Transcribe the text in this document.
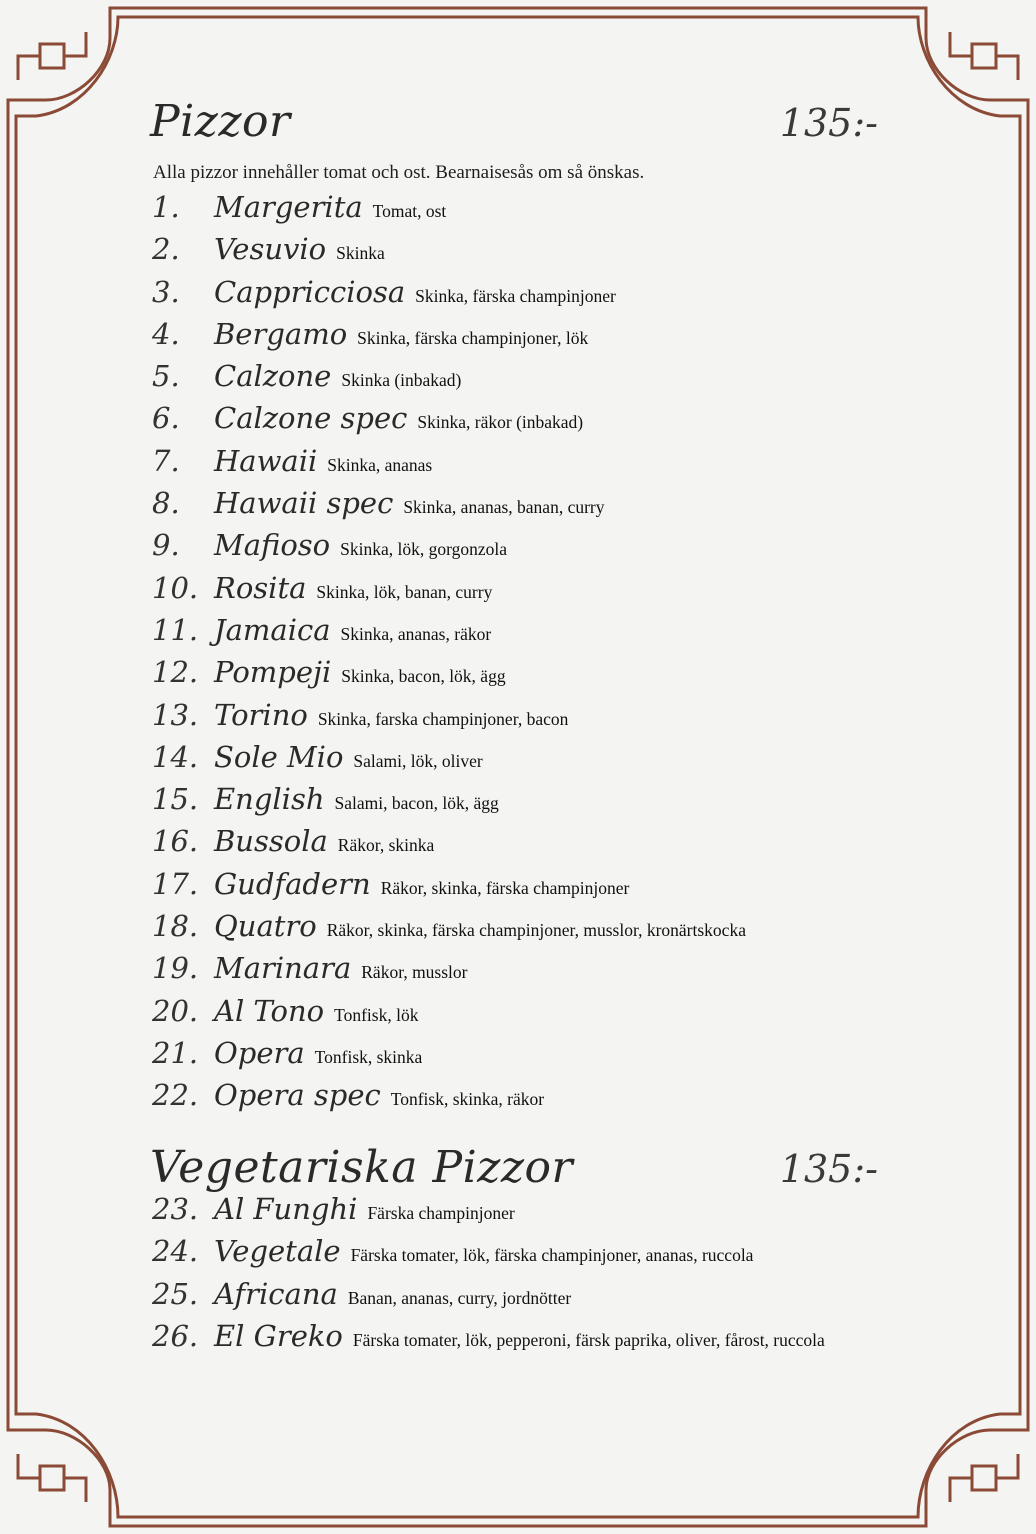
Pizzor	135:-
Alla pizzor innehåller tomat och ost. Bearnaisesås om så önskas.
1.	Margerita Tomat, ost
2.	Vesuvio Skinka
3.	Cappricciosa Skinka, färska champinjoner
4.	Bergamo Skinka, färska champinjoner, lök
5.	Calzone Skinka (inbakad)
6.	Calzone spec Skinka, räkor (inbakad)
7.	Hawaii Skinka, ananas
8.	Hawaii spec Skinka, ananas, banan, curry
9.	Mafioso Skinka, lök, gorgonzola
10. Rosita Skinka, lök, banan, curry
11. Jamaica Skinka, ananas, räkor
12. Pompeji Skinka, bacon, lök, ägg
13. Torino Skinka, farska champinjoner, bacon
14. Sole Mio Salami, lök, oliver
15. English Salami, bacon, lök, ägg
16. Bussola Räkor, skinka
17. Gudfadern Räkor, skinka, färska champinjoner
18. Quatro Räkor, skinka, färska champinjoner, musslor, kronärtskocka
19. Marinara Räkor, musslor
20. Al Tono Tonfisk, lök
21. Opera Tonfisk, skinka
22. Opera spec Tonfisk, skinka, räkor
Vegetariska Pizzor	135:-
23. Al Funghi Färska champinjoner
24. Vegetale Färska tomater, lök, färska champinjoner, ananas, ruccola
25. Africana Banan, ananas, curry, jordnötter
26. El Greko Färska tomater, lök, pepperoni, färsk paprika, oliver, fårost, ruccola
